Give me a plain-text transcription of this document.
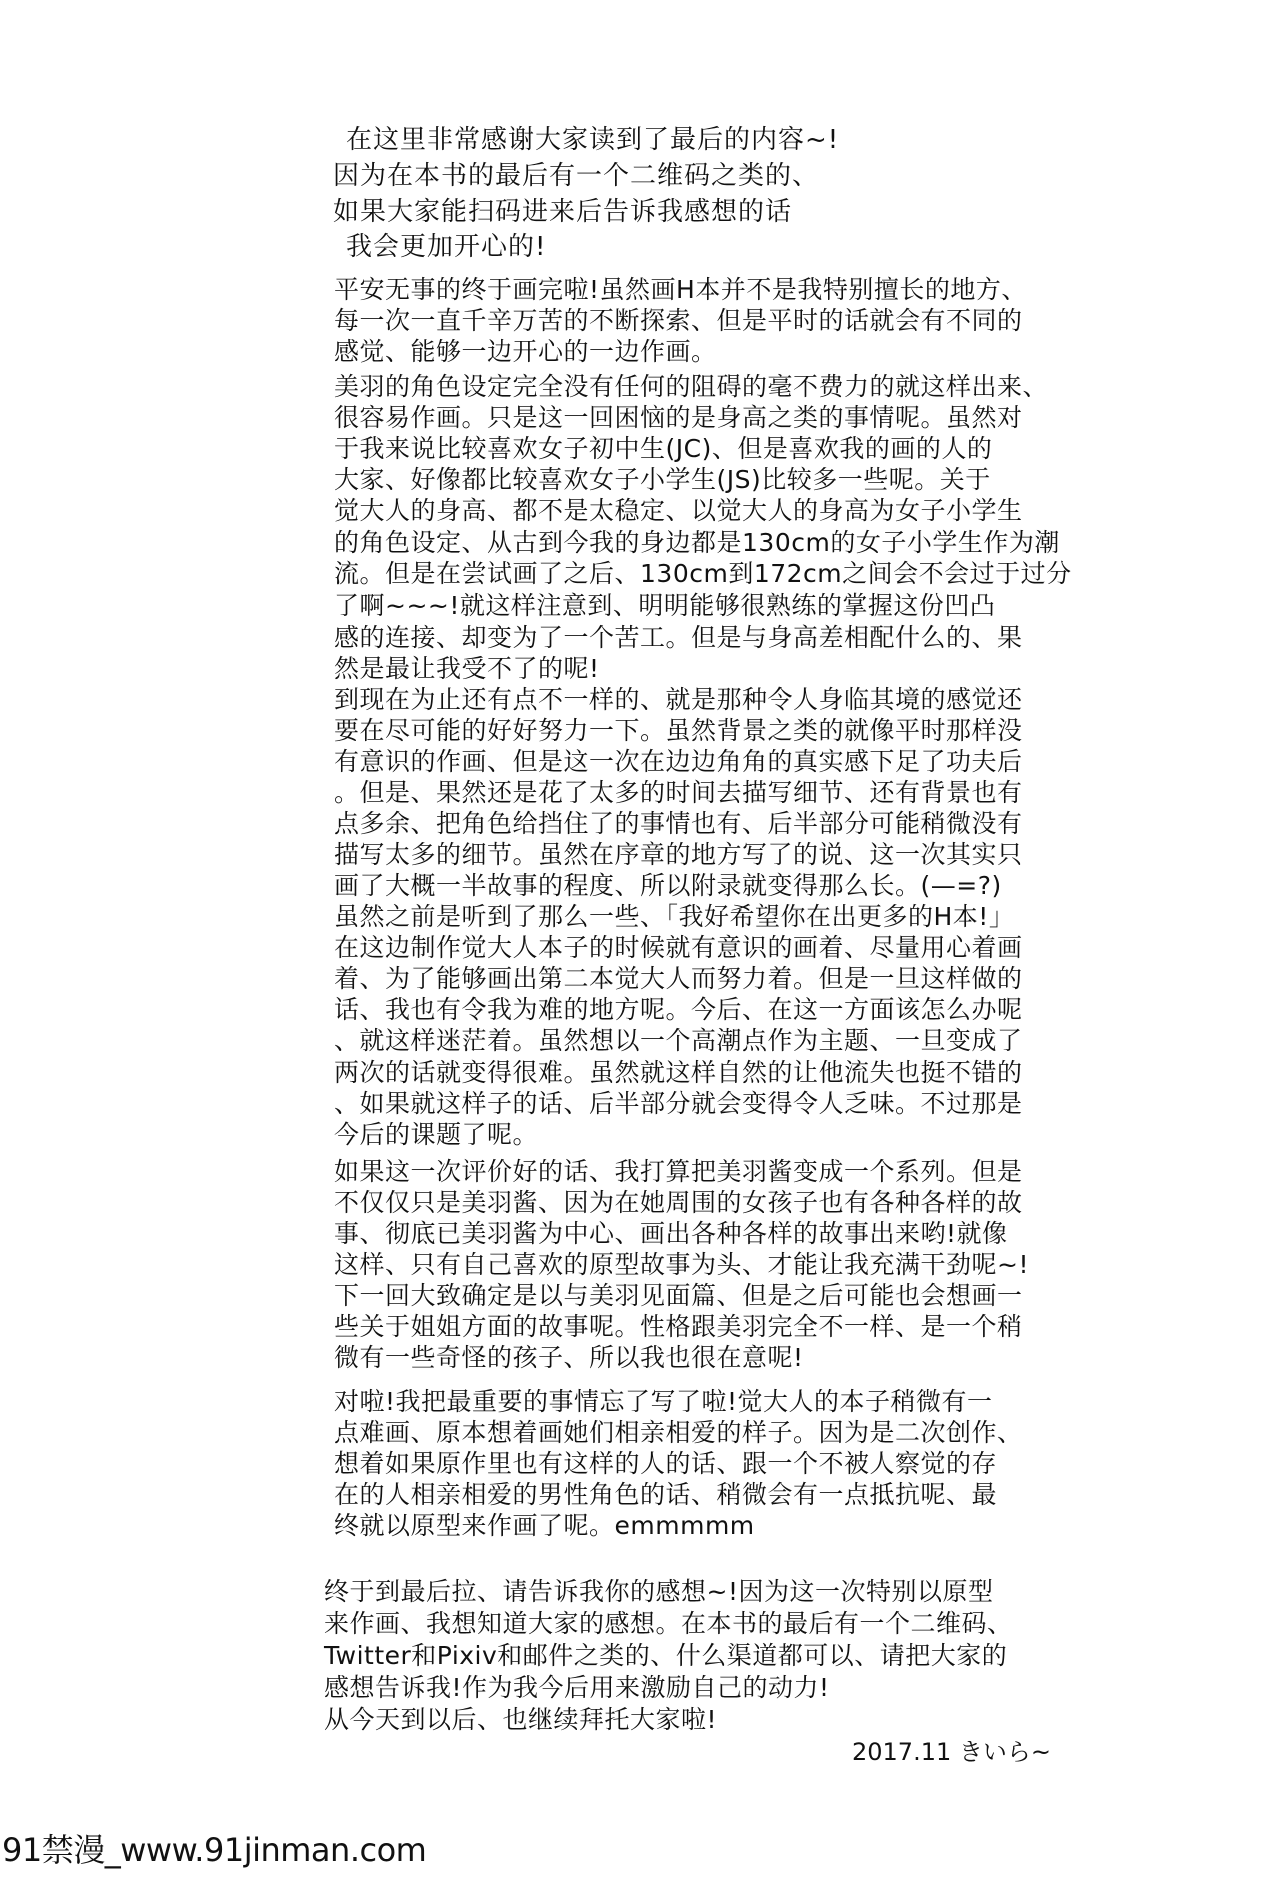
在这里非常感谢大家读到了最后的内容~!
因为在本书的最后有一个二维码之类的、
如果大家能扫码进来后告诉我感想的话
我会更加开心的!
平安无事的终于画完啦!虽然画H本并不是我特别擅长的地方、
每一次一直千辛万苦的不断探索、但是平时的话就会有不同的
感觉、能够一边开心的一边作画。
美羽的角色设定完全没有任何的阻碍的毫不费力的就这样出来、
很容易作画。只是这一回困恼的是身高之类的事情呢。虽然对
于我来说比较喜欢女子初中生(JC)、但是喜欢我的画的人的
大家、好像都比较喜欢女子小学生(JS)比较多一些呢。关于
觉大人的身高、都不是太稳定、以觉大人的身高为女子小学生
的角色设定、从古到今我的身边都是130cm的女子小学生作为潮
流。但是在尝试画了之后、130cm到172cm之间会不会过于过分
了啊~~~!就这样注意到、明明能够很熟练的掌握这份凹凸
感的连接、却变为了一个苦工。但是与身高差相配什么的、果
然是最让我受不了的呢!
到现在为止还有点不一样的、就是那种令人身临其境的感觉还
要在尽可能的好好努力一下。虽然背景之类的就像平时那样没
有意识的作画、但是这一次在边边角角的真实感下足了功夫后
。但是、果然还是花了太多的时间去描写细节、还有背景也有
点多余、把角色给挡住了的事情也有、后半部分可能稍微没有
描写太多的细节。虽然在序章的地方写了的说、这一次其实只
画了大概一半故事的程度、所以附录就变得那么长。(—=?)
虽然之前是听到了那么一些、「我好希望你在出更多的H本!」
在这边制作觉大人本子的时候就有意识的画着、尽量用心着画
着、为了能够画出第二本觉大人而努力着。但是一旦这样做的
话、我也有令我为难的地方呢。今后、在这一方面该怎么办呢
、就这样迷茫着。虽然想以一个高潮点作为主题、一旦变成了
两次的话就变得很难。虽然就这样自然的让他流失也挺不错的
、如果就这样子的话、后半部分就会变得令人乏味。不过那是
今后的课题了呢。
如果这一次评价好的话、我打算把美羽酱变成一个系列。但是
不仅仅只是美羽酱、因为在她周围的女孩子也有各种各样的故
事、彻底已美羽酱为中心、画出各种各样的故事出来哟!就像
这样、只有自己喜欢的原型故事为头、才能让我充满干劲呢~!
下一回大致确定是以与美羽见面篇、但是之后可能也会想画一
些关于姐姐方面的故事呢。性格跟美羽完全不一样、是一个稍
微有一些奇怪的孩子、所以我也很在意呢!
对啦!我把最重要的事情忘了写了啦!觉大人的本子稍微有一
点难画、原本想着画她们相亲相爱的样子。因为是二次创作、
想着如果原作里也有这样的人的话、跟一个不被人察觉的存
在的人相亲相爱的男性角色的话、稍微会有一点抵抗呢、最
终就以原型来作画了呢。emmmmm
终于到最后拉、请告诉我你的感想~!因为这一次特别以原型
来作画、我想知道大家的感想。在本书的最后有一个二维码、
Twitter和Pixiv和邮件之类的、什么渠道都可以、请把大家的
感想告诉我!作为我今后用来激励自己的动力!
从今天到以后、也继续拜托大家啦!
2017.11 きいら~
91禁漫_www.91jinman.com
